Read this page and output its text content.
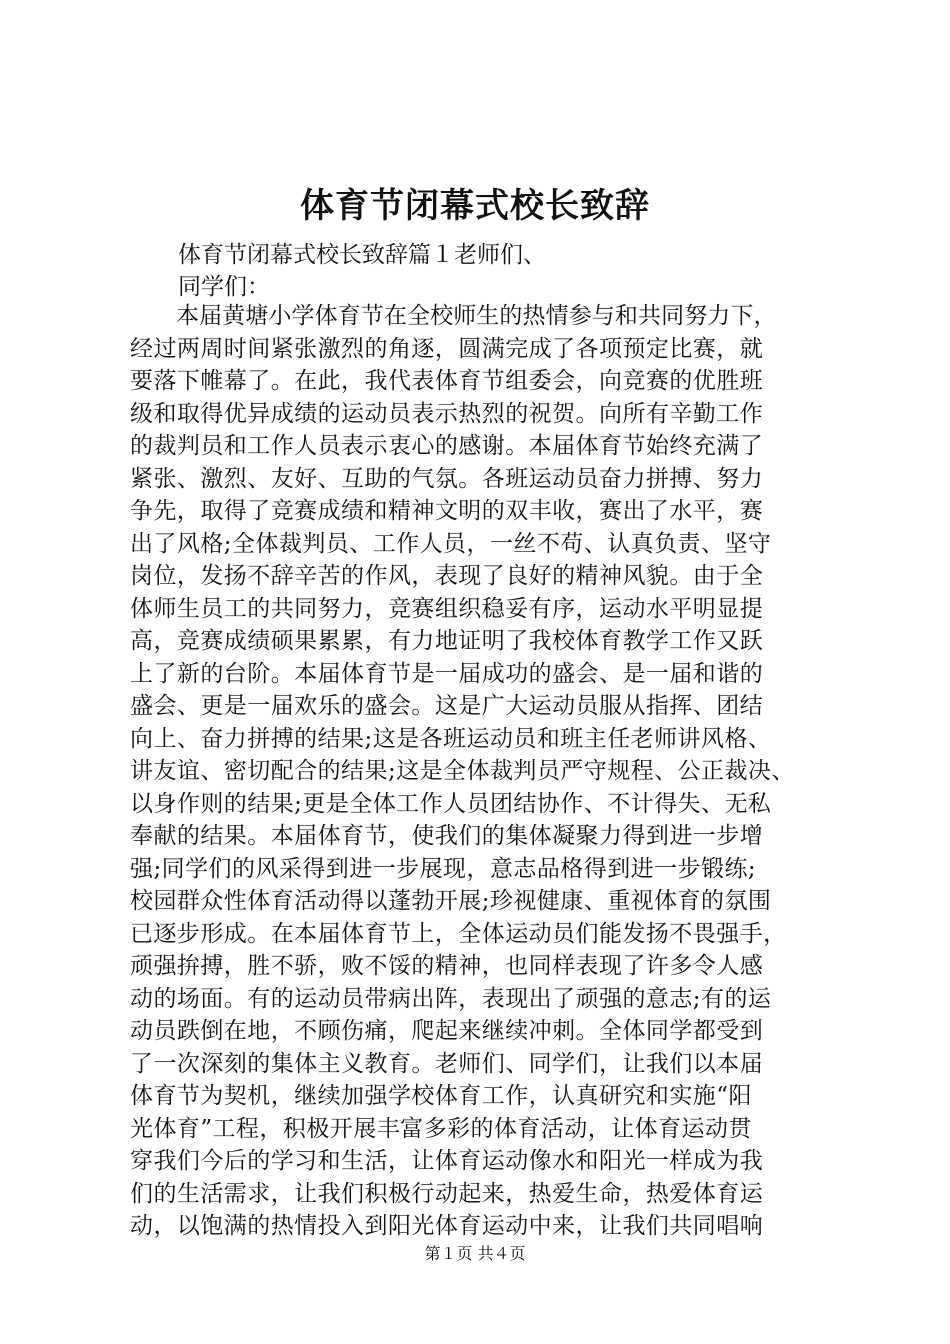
体育节闭幕式校长致辞

体育节闭幕式校长致辞篇１老师们、

同学们：

本届黄塘小学体育节在全校师生的热情参与和共同努力下，
经过两周时间紧张激烈的角逐，圆满完成了各项预定比赛，就
要落下帷幕了。在此，我代表体育节组委会，向竞赛的优胜班
级和取得优异成绩的运动员表示热烈的祝贺。向所有辛勤工作
的裁判员和工作人员表示衷心的感谢。本届体育节始终充满了
紧张、激烈、友好、互助的气氛。各班运动员奋力拼搏、努力
争先，取得了竞赛成绩和精神文明的双丰收，赛出了水平，赛
出了风格;全体裁判员、工作人员，一丝不苟、认真负责、坚守
岗位，发扬不辞辛苦的作风，表现了良好的精神风貌。由于全
体师生员工的共同努力，竞赛组织稳妥有序，运动水平明显提
高，竞赛成绩硕果累累，有力地证明了我校体育教学工作又跃
上了新的台阶。本届体育节是一届成功的盛会、是一届和谐的
盛会、更是一届欢乐的盛会。这是广大运动员服从指挥、团结
向上、奋力拼搏的结果;这是各班运动员和班主任老师讲风格、
讲友谊、密切配合的结果;这是全体裁判员严守规程、公正裁决、
以身作则的结果;更是全体工作人员团结协作、不计得失、无私
奉献的结果。本届体育节，使我们的集体凝聚力得到进一步增
强;同学们的风采得到进一步展现，意志品格得到进一步锻练;
校园群众性体育活动得以蓬勃开展;珍视健康、重视体育的氛围
已逐步形成。在本届体育节上，全体运动员们能发扬不畏强手，
顽强拚搏，胜不骄，败不馁的精神，也同样表现了许多令人感
动的场面。有的运动员带病出阵，表现出了顽强的意志;有的运
动员跌倒在地，不顾伤痛，爬起来继续冲刺。全体同学都受到
了一次深刻的集体主义教育。老师们、同学们，让我们以本届
体育节为契机，继续加强学校体育工作，认真研究和实施“阳
光体育”工程，积极开展丰富多彩的体育活动，让体育运动贯
穿我们今后的学习和生活，让体育运动像水和阳光一样成为我
们的生活需求，让我们积极行动起来，热爱生命，热爱体育运
动，以饱满的热情投入到阳光体育运动中来，让我们共同唱响
第１页 共４页
